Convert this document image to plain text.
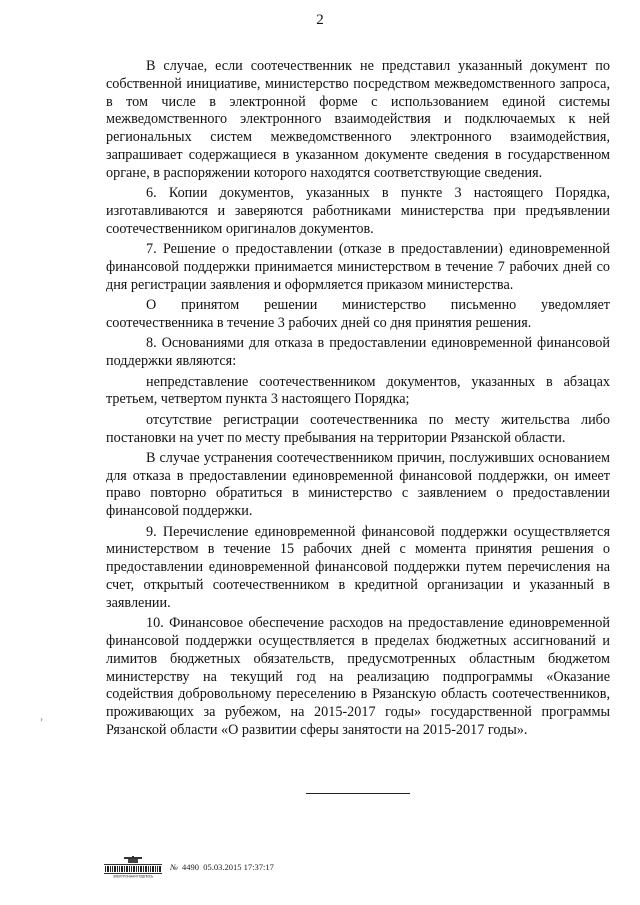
2

В случае, если соотечественник не представил указанный документ по собственной инициативе, министерство посредством межведомственного запроса, в том числе в электронной форме с использованием единой системы межведомственного электронного взаимодействия и подключаемых к ней региональных систем межведомственного электронного взаимодействия, запрашивает содержащиеся в указанном документе сведения в государственном органе, в распоряжении которого находятся соответствующие сведения.

6. Копии документов, указанных в пункте 3 настоящего Порядка, изготавливаются и заверяются работниками министерства при предъявлении соотечественником оригиналов документов.

7. Решение о предоставлении (отказе в предоставлении) единовременной финансовой поддержки принимается министерством в течение 7 рабочих дней со дня регистрации заявления и оформляется приказом министерства.

О принятом решении министерство письменно уведомляет соотечественника в течение 3 рабочих дней со дня принятия решения.

8. Основаниями для отказа в предоставлении единовременной финансовой поддержки являются:

непредставление соотечественником документов, указанных в абзацах третьем, четвертом пункта 3 настоящего Порядка;

отсутствие регистрации соотечественника по месту жительства либо постановки на учет по месту пребывания на территории Рязанской области.

В случае устранения соотечественником причин, послуживших основанием для отказа в предоставлении единовременной финансовой поддержки, он имеет право повторно обратиться в министерство с заявлением о предоставлении финансовой поддержки.

9. Перечисление единовременной финансовой поддержки осуществляется министерством в течение 15 рабочих дней с момента принятия решения о предоставлении единовременной финансовой поддержки путем перечисления на счет, открытый соотечественником в кредитной организации и указанный в заявлении.

10. Финансовое обеспечение расходов на предоставление единовременной финансовой поддержки осуществляется в пределах бюджетных ассигнований и лимитов бюджетных обязательств, предусмотренных областным бюджетом министерству на текущий год на реализацию подпрограммы «Оказание содействия добровольному переселению в Рязанскую область соотечественников, проживающих за рубежом, на 2015-2017 годы» государственной программы Рязанской области «О развитии сферы занятости на 2015-2017 годы».

›
ЭЛЕКТРОННАЯ ПОДПИСЬ
№ 4490 05.03.2015 17:37:17
